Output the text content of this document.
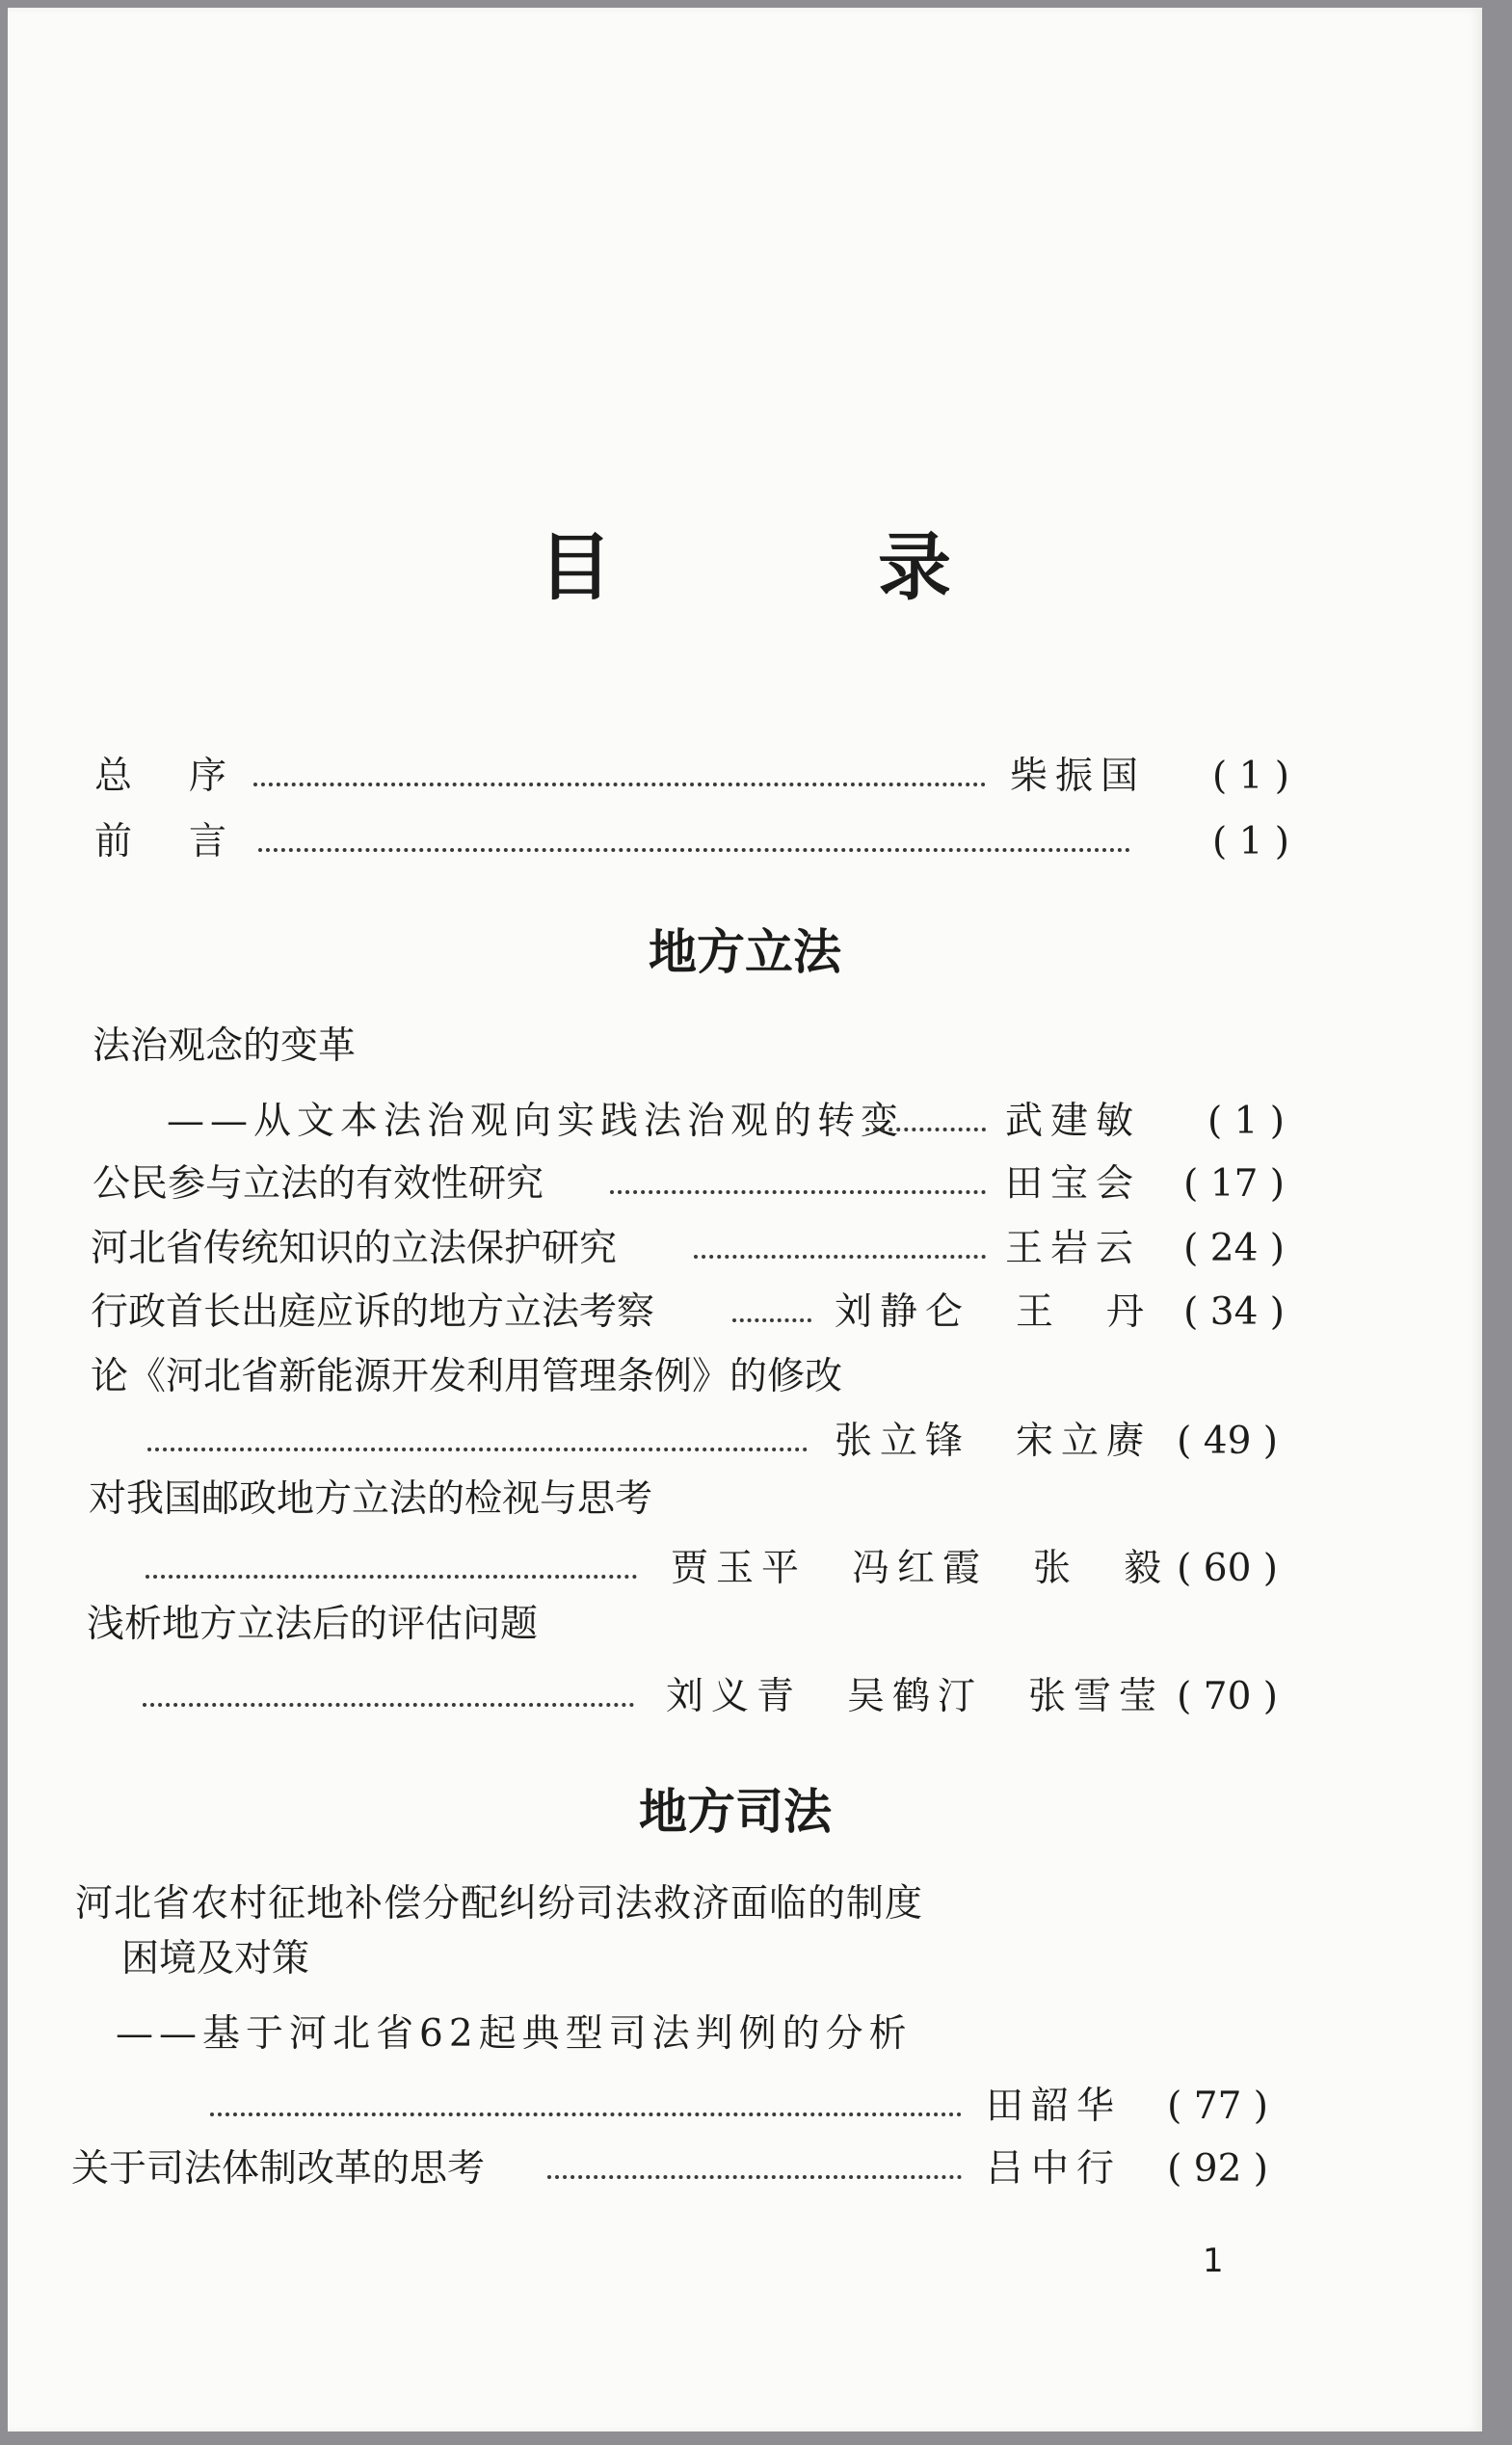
目　录
总　序	柴振国 ( 1 )
前　言	( 1 )
地方立法
法治观念的变革
——从文本法治观向实践法治观的转变	武建敏 ( 1 )
公民参与立法的有效性研究	田宝会 ( 17 )
河北省传统知识的立法保护研究	王岩云 ( 24 )
行政首长出庭应诉的地方立法考察	刘静仑　王　丹 ( 34 )
论《河北省新能源开发利用管理条例》的修改
张立锋　宋立赓 ( 49 )
对我国邮政地方立法的检视与思考
贾玉平　冯红霞　张　毅 ( 60 )
浅析地方立法后的评估问题
刘义青　吴鹤汀　张雪莹 ( 70 )
地方司法
河北省农村征地补偿分配纠纷司法救济面临的制度
困境及对策
——基于河北省62起典型司法判例的分析
田韶华 ( 77 )
关于司法体制改革的思考	吕中行 ( 92 )
1
